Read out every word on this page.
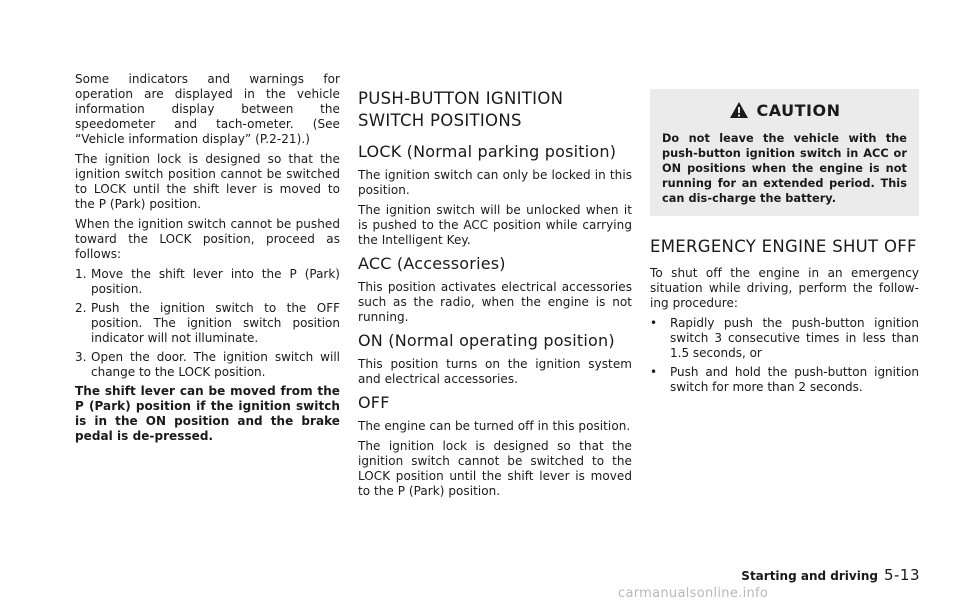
Some indicators and warnings for operation are displayed in the vehicle information display between the speedometer and tach-ometer. (See “Vehicle information display” (P.2-21).)

The ignition lock is designed so that the ignition switch position cannot be switched to LOCK until the shift lever is moved to the P (Park) position.

When the ignition switch cannot be pushed toward the LOCK position, proceed as follows:

1. Move the shift lever into the P (Park) position.
2. Push the ignition switch to the OFF position. The ignition switch position indicator will not illuminate.
3. Open the door. The ignition switch will change to the LOCK position.

The shift lever can be moved from the P (Park) position if the ignition switch is in the ON position and the brake pedal is de-pressed.

PUSH-BUTTON IGNITION SWITCH POSITIONS
LOCK (Normal parking position)

The ignition switch can only be locked in this position.

The ignition switch will be unlocked when it is pushed to the ACC position while carrying the Intelligent Key.

ACC (Accessories)

This position activates electrical accessories such as the radio, when the engine is not running.

ON (Normal operating position)

This position turns on the ignition system and electrical accessories.

OFF

The engine can be turned off in this position.

The ignition lock is designed so that the ignition switch cannot be switched to the LOCK position until the shift lever is moved to the P (Park) position.

CAUTION

Do not leave the vehicle with the push-button ignition switch in ACC or ON positions when the engine is not running for an extended period. This can dis-charge the battery.

EMERGENCY ENGINE SHUT OFF

To shut off the engine in an emergency situation while driving, perform the follow-ing procedure:

•	Rapidly push the push-button ignition switch 3 consecutive times in less than 1.5 seconds, or
•	Push and hold the push-button ignition switch for more than 2 seconds.
Starting and driving 5-13
carmanualsonline.info
